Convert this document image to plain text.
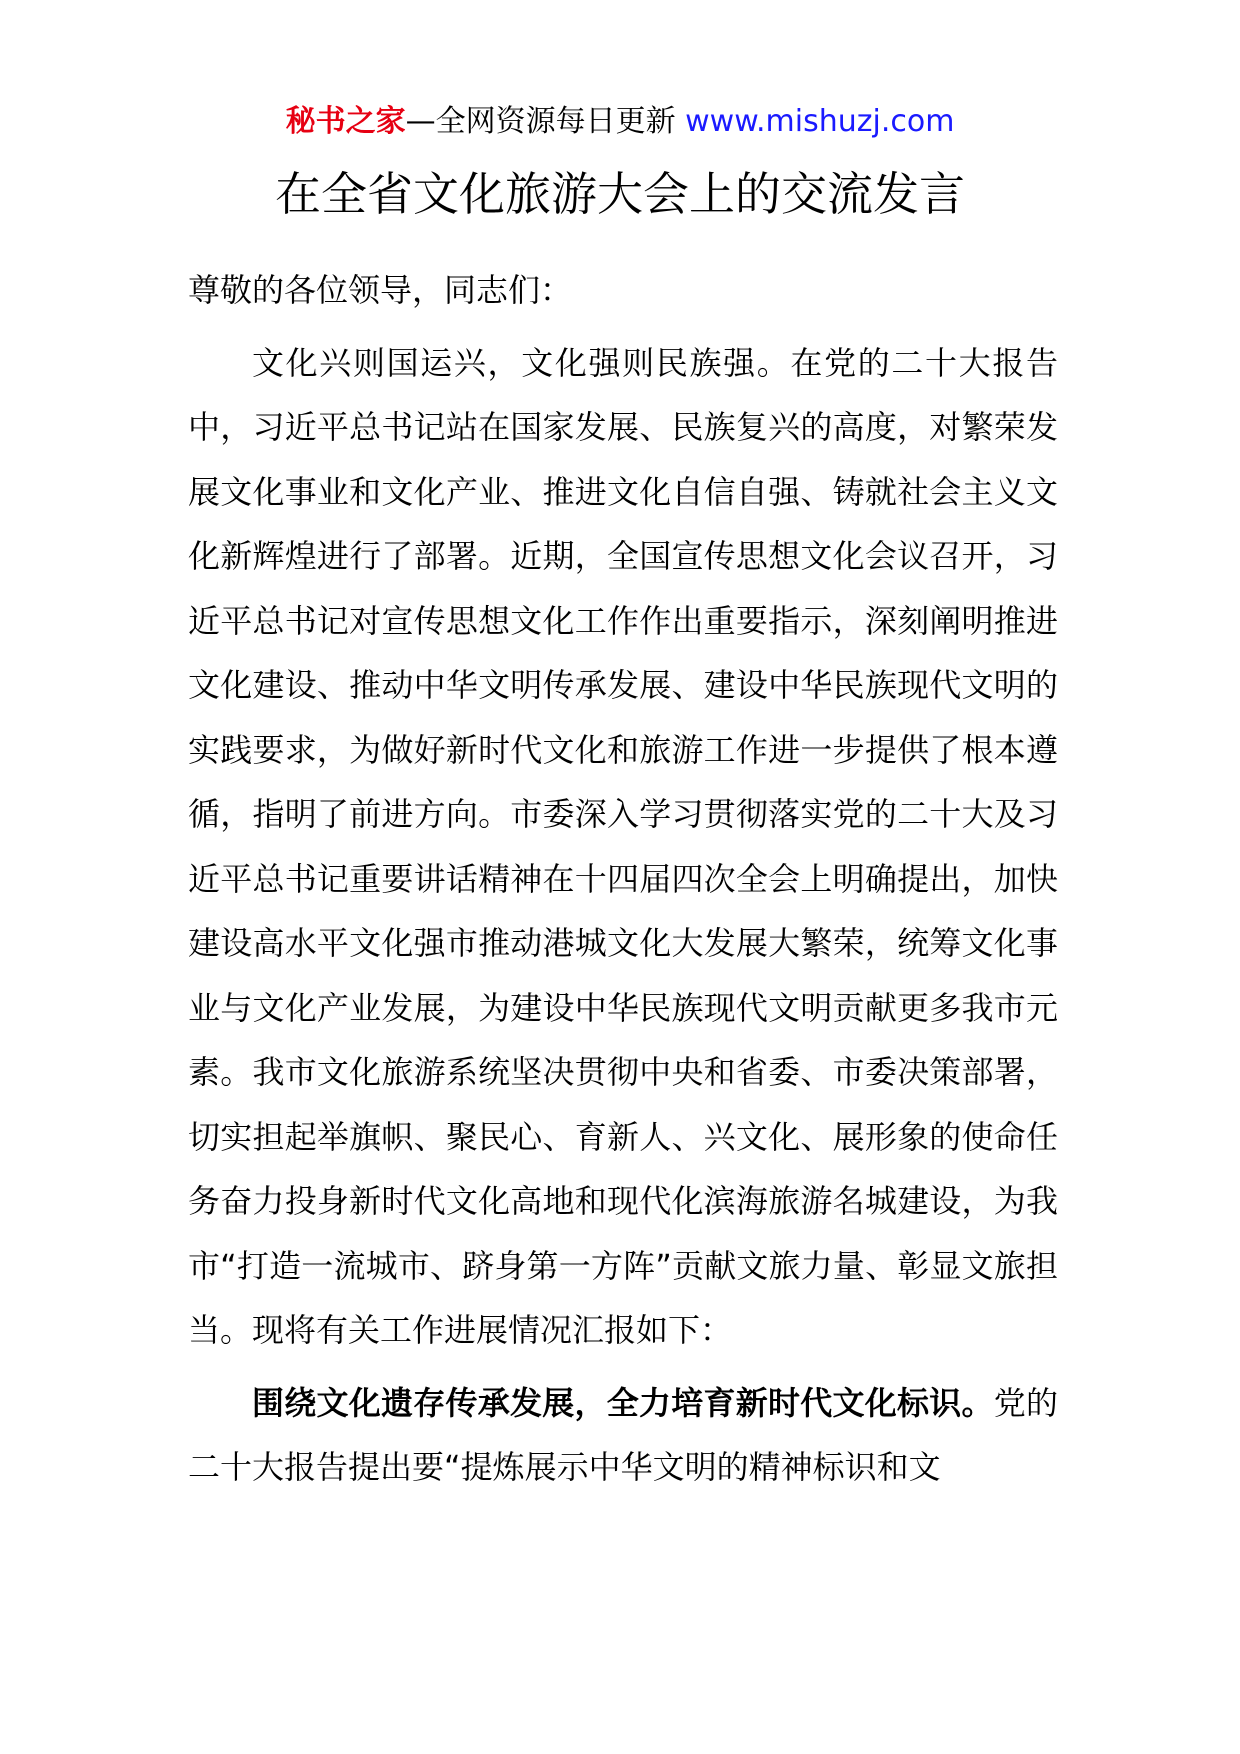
秘书之家—全网资源每日更新 www.mishuzj.com
在全省文化旅游大会上的交流发言

尊敬的各位领导，同志们：

文化兴则国运兴，文化强则民族强。在党的二十大报告中，习近平总书记站在国家发展、民族复兴的高度，对繁荣发展文化事业和文化产业、推进文化自信自强、铸就社会主义文化新辉煌进行了部署。近期，全国宣传思想文化会议召开，习近平总书记对宣传思想文化工作作出重要指示，深刻阐明推进文化建设、推动中华文明传承发展、建设中华民族现代文明的实践要求，为做好新时代文化和旅游工作进一步提供了根本遵循，指明了前进方向。市委深入学习贯彻落实党的二十大及习近平总书记重要讲话精神在十四届四次全会上明确提出，加快建设高水平文化强市推动港城文化大发展大繁荣，统筹文化事业与文化产业发展，为建设中华民族现代文明贡献更多我市元素。我市文化旅游系统坚决贯彻中央和省委、市委决策部署，切实担起举旗帜、聚民心、育新人、兴文化、展形象的使命任务奋力投身新时代文化高地和现代化滨海旅游名城建设，为我市“打造一流城市、跻身第一方阵”贡献文旅力量、彰显文旅担当。现将有关工作进展情况汇报如下：

围绕文化遗存传承发展，全力培育新时代文化标识。党的二十大报告提出要“提炼展示中华文明的精神标识和文
